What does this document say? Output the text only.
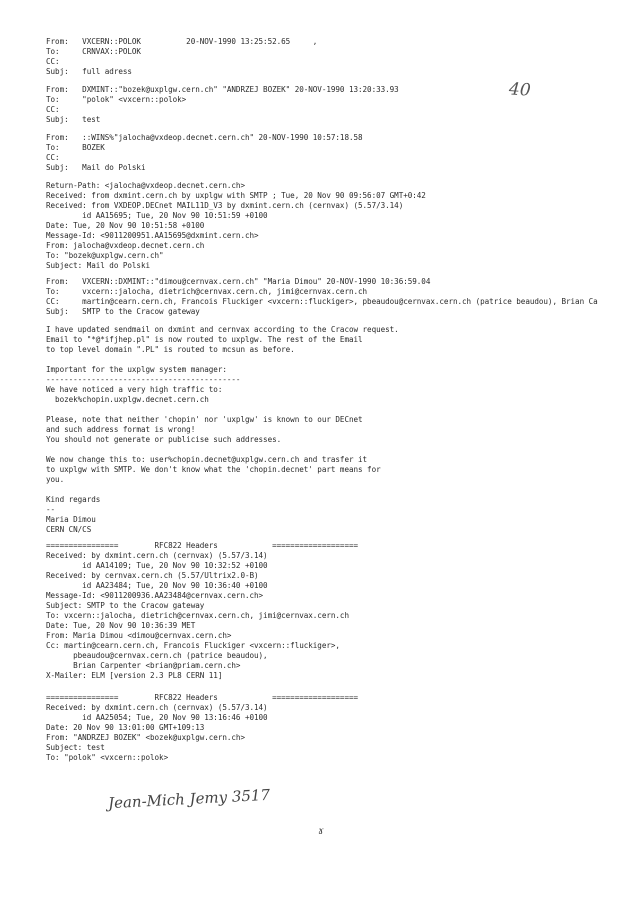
From:   VXCERN::POLOK          20-NOV-1990 13:25:52.65     ,
To:     CRNVAX::POLOK
CC:
Subj:   full adress
From:   DXMINT::"bozek@uxplgw.cern.ch" "ANDRZEJ BOZEK" 20-NOV-1990 13:20:33.93
To:     "polok" <vxcern::polok>
CC:
Subj:   test
From:   ::WINS%"jalocha@vxdeop.decnet.cern.ch" 20-NOV-1990 10:57:18.58
To:     BOZEK
CC:
Subj:   Mail do Polski
Return-Path: <jalocha@vxdeop.decnet.cern.ch>
Received: from dxmint.cern.ch by uxplgw with SMTP ; Tue, 20 Nov 90 09:56:07 GMT+0:42
Received: from VXDEOP.DECnet MAIL11D_V3 by dxmint.cern.ch (cernvax) (5.57/3.14)
id AA15695; Tue, 20 Nov 90 10:51:59 +0100
Date: Tue, 20 Nov 90 10:51:58 +0100
Message-Id: <9011200951.AA15695@dxmint.cern.ch>
From: jalocha@vxdeop.decnet.cern.ch
To: "bozek@uxplgw.cern.ch"
Subject: Mail do Polski
From:   VXCERN::DXMINT::"dimou@cernvax.cern.ch" "Maria Dimou" 20-NOV-1990 10:36:59.04
To:     vxcern::jalocha, dietrich@cernvax.cern.ch, jimi@cernvax.cern.ch
CC:     martin@cearn.cern.ch, Francois Fluckiger <vxcern::fluckiger>, pbeaudou@cernvax.cern.ch (patrice beaudou), Brian Ca
Subj:   SMTP to the Cracow gateway
I have updated sendmail on dxmint and cernvax according to the Cracow request.
Email to "*@*ifjhep.pl" is now routed to uxplgw. The rest of the Email
to top level domain ".PL" is routed to mcsun as before.
Important for the uxplgw system manager:
-------------------------------------------
We have noticed a very high traffic to:
bozek%chopin.uxplgw.decnet.cern.ch
Please, note that neither 'chopin' nor 'uxplgw' is known to our DECnet
and such address format is wrong!
You should not generate or publicise such addresses.
We now change this to: user%chopin.decnet@uxplgw.cern.ch and trasfer it
to uxplgw with SMTP. We don't know what the 'chopin.decnet' part means for
you.
Kind regards
--
Maria Dimou
CERN CN/CS
================        RFC822 Headers            ===================
Received: by dxmint.cern.ch (cernvax) (5.57/3.14)
id AA14109; Tue, 20 Nov 90 10:32:52 +0100
Received: by cernvax.cern.ch (5.57/Ultrix2.0-B)
id AA23484; Tue, 20 Nov 90 10:36:40 +0100
Message-Id: <9011200936.AA23484@cernvax.cern.ch>
Subject: SMTP to the Cracow gateway
To: vxcern::jalocha, dietrich@cernvax.cern.ch, jimi@cernvax.cern.ch
Date: Tue, 20 Nov 90 10:36:39 MET
From: Maria Dimou <dimou@cernvax.cern.ch>
Cc: martin@cearn.cern.ch, Francois Fluckiger <vxcern::fluckiger>,
pbeaudou@cernvax.cern.ch (patrice beaudou),
Brian Carpenter <brian@priam.cern.ch>
X-Mailer: ELM [version 2.3 PL8 CERN 11]
================        RFC822 Headers            ===================
Received: by dxmint.cern.ch (cernvax) (5.57/3.14)
id AA25054; Tue, 20 Nov 90 13:16:46 +0100
Date: 20 Nov 90 13:01:00 GMT+109:13
From: "ANDRZEJ BOZEK" <bozek@uxplgw.cern.ch>
Subject: test
To: "polok" <vxcern::polok>
40
Jean-Mich Jemy 3517
ɤ
